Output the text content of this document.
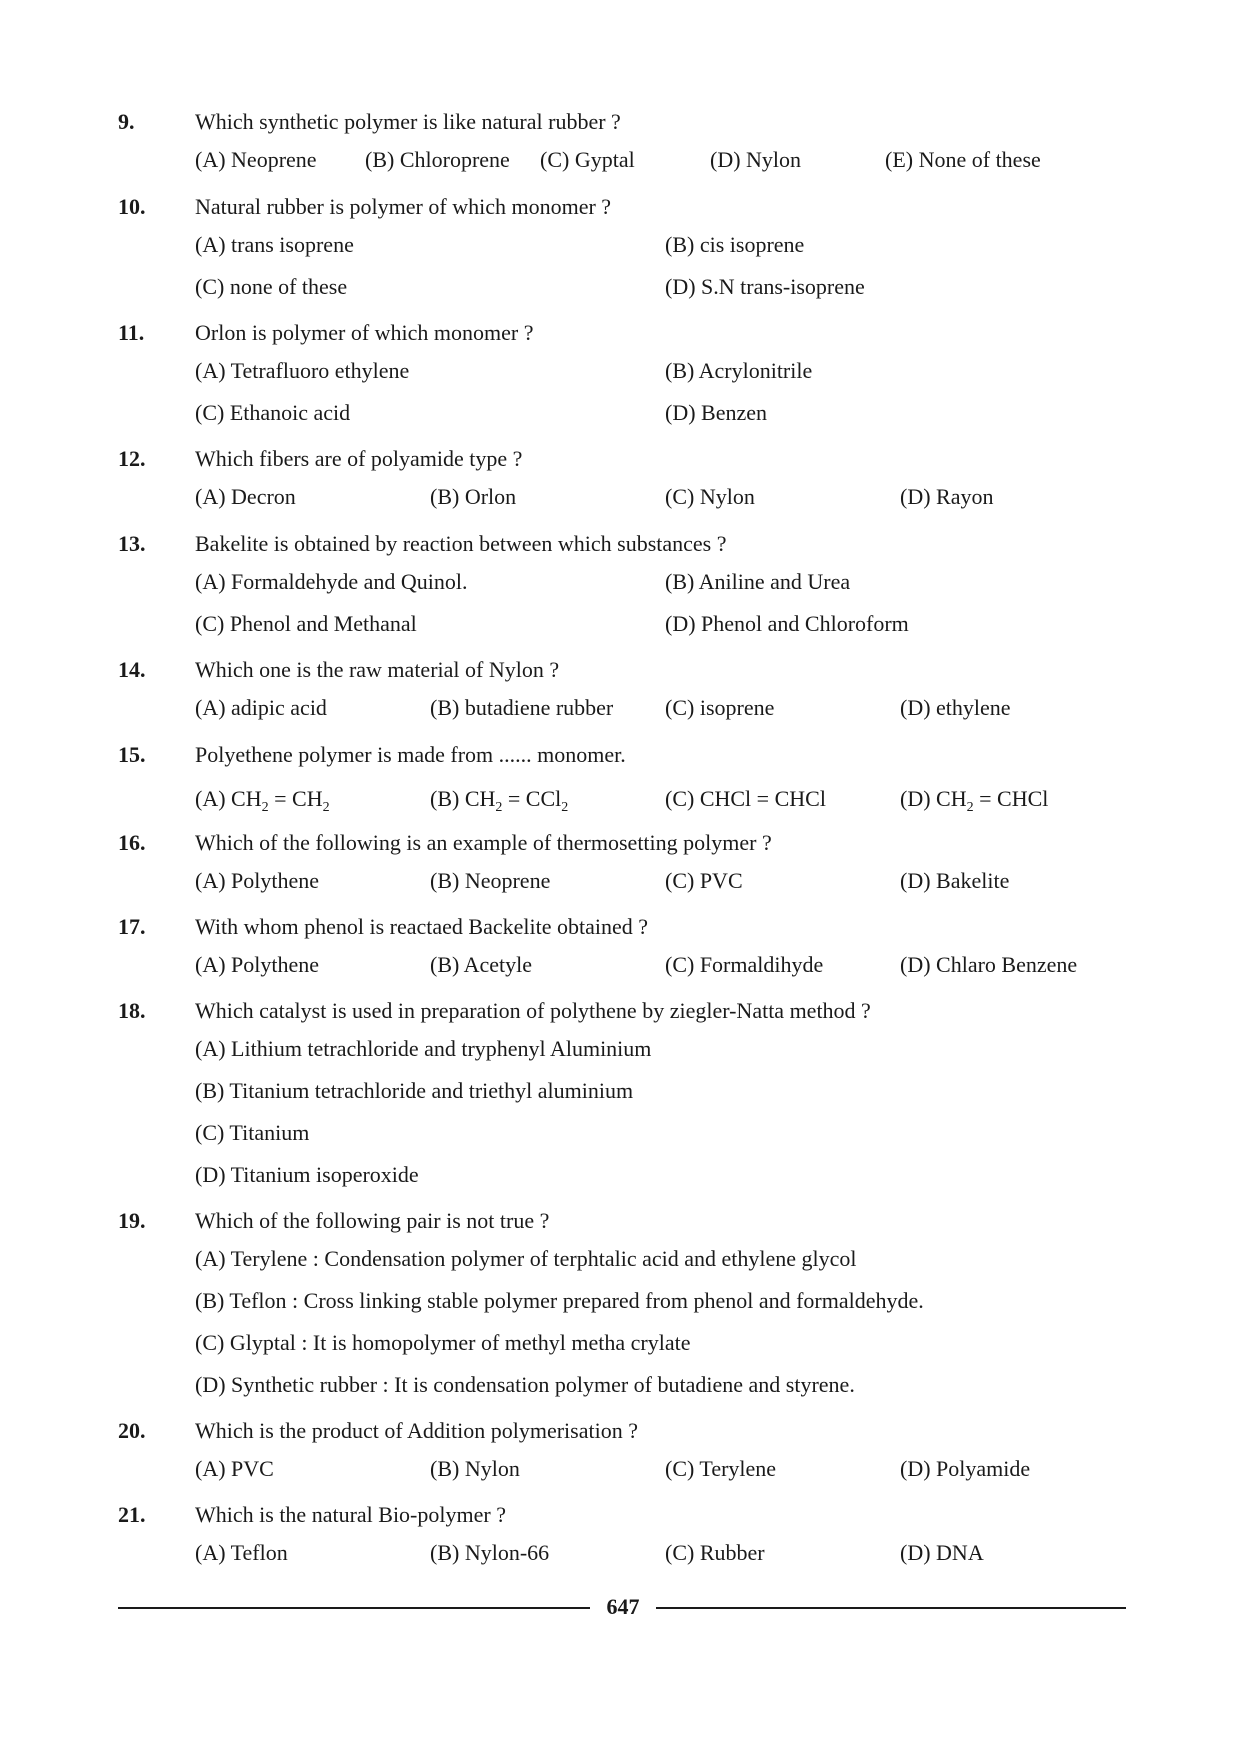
9.	Which synthetic polymer is like natural rubber ?
(A) Neoprene (B) Chloroprene (C) Gyptal	(D) Nylon	(E) None of these
10. Natural rubber is polymer of which monomer ?
(A) trans isoprene	(B) cis isoprene
(C) none of these	(D) S.N trans-isoprene
11. Orlon is polymer of which monomer ?
(A) Tetrafluoro ethylene	(B) Acrylonitrile
(C) Ethanoic acid	(D) Benzen
12. Which fibers are of polyamide type ?
(A) Decron	(B) Orlon	(C) Nylon	(D) Rayon
13. Bakelite is obtained by reaction between which substances ?
(A) Formaldehyde and Quinol.	(B) Aniline and Urea
(C) Phenol and Methanal	(D) Phenol and Chloroform
14. Which one is the raw material of Nylon ?
(A) adipic acid	(B) butadiene rubber (C) isoprene	(D) ethylene
15. Polyethene polymer is made from ...... monomer.
(A) $CH_2 = CH_2$	(B) $CH_2 = CCl_2$	(C) CHCl = CHCl	(D) $CH_2$ = CHCl
16. Which of the following is an example of thermosetting polymer ?
(A) Polythene	(B) Neoprene	(C) PVC	(D) Bakelite
17. With whom phenol is reactaed Backelite obtained ?
(A) Polythene	(B) Acetyle	(C) Formaldihyde	(D) Chlaro Benzene
18. Which catalyst is used in preparation of polythene by ziegler-Natta method ?
(A) Lithium tetrachloride and tryphenyl Aluminium
(B) Titanium tetrachloride and triethyl aluminium
(C) Titanium
(D) Titanium isoperoxide
19. Which of the following pair is not true ?
(A) Terylene : Condensation polymer of terphtalic acid and ethylene glycol
(B) Teflon : Cross linking stable polymer prepared from phenol and formaldehyde.
(C) Glyptal : It is homopolymer of methyl metha crylate
(D) Synthetic rubber : It is condensation polymer of butadiene and styrene.
20. Which is the product of Addition polymerisation ?
(A) PVC	(B) Nylon	(C) Terylene	(D) Polyamide
21. Which is the natural Bio-polymer ?
(A) Teflon	(B) Nylon-66	(C) Rubber	(D) DNA
647
